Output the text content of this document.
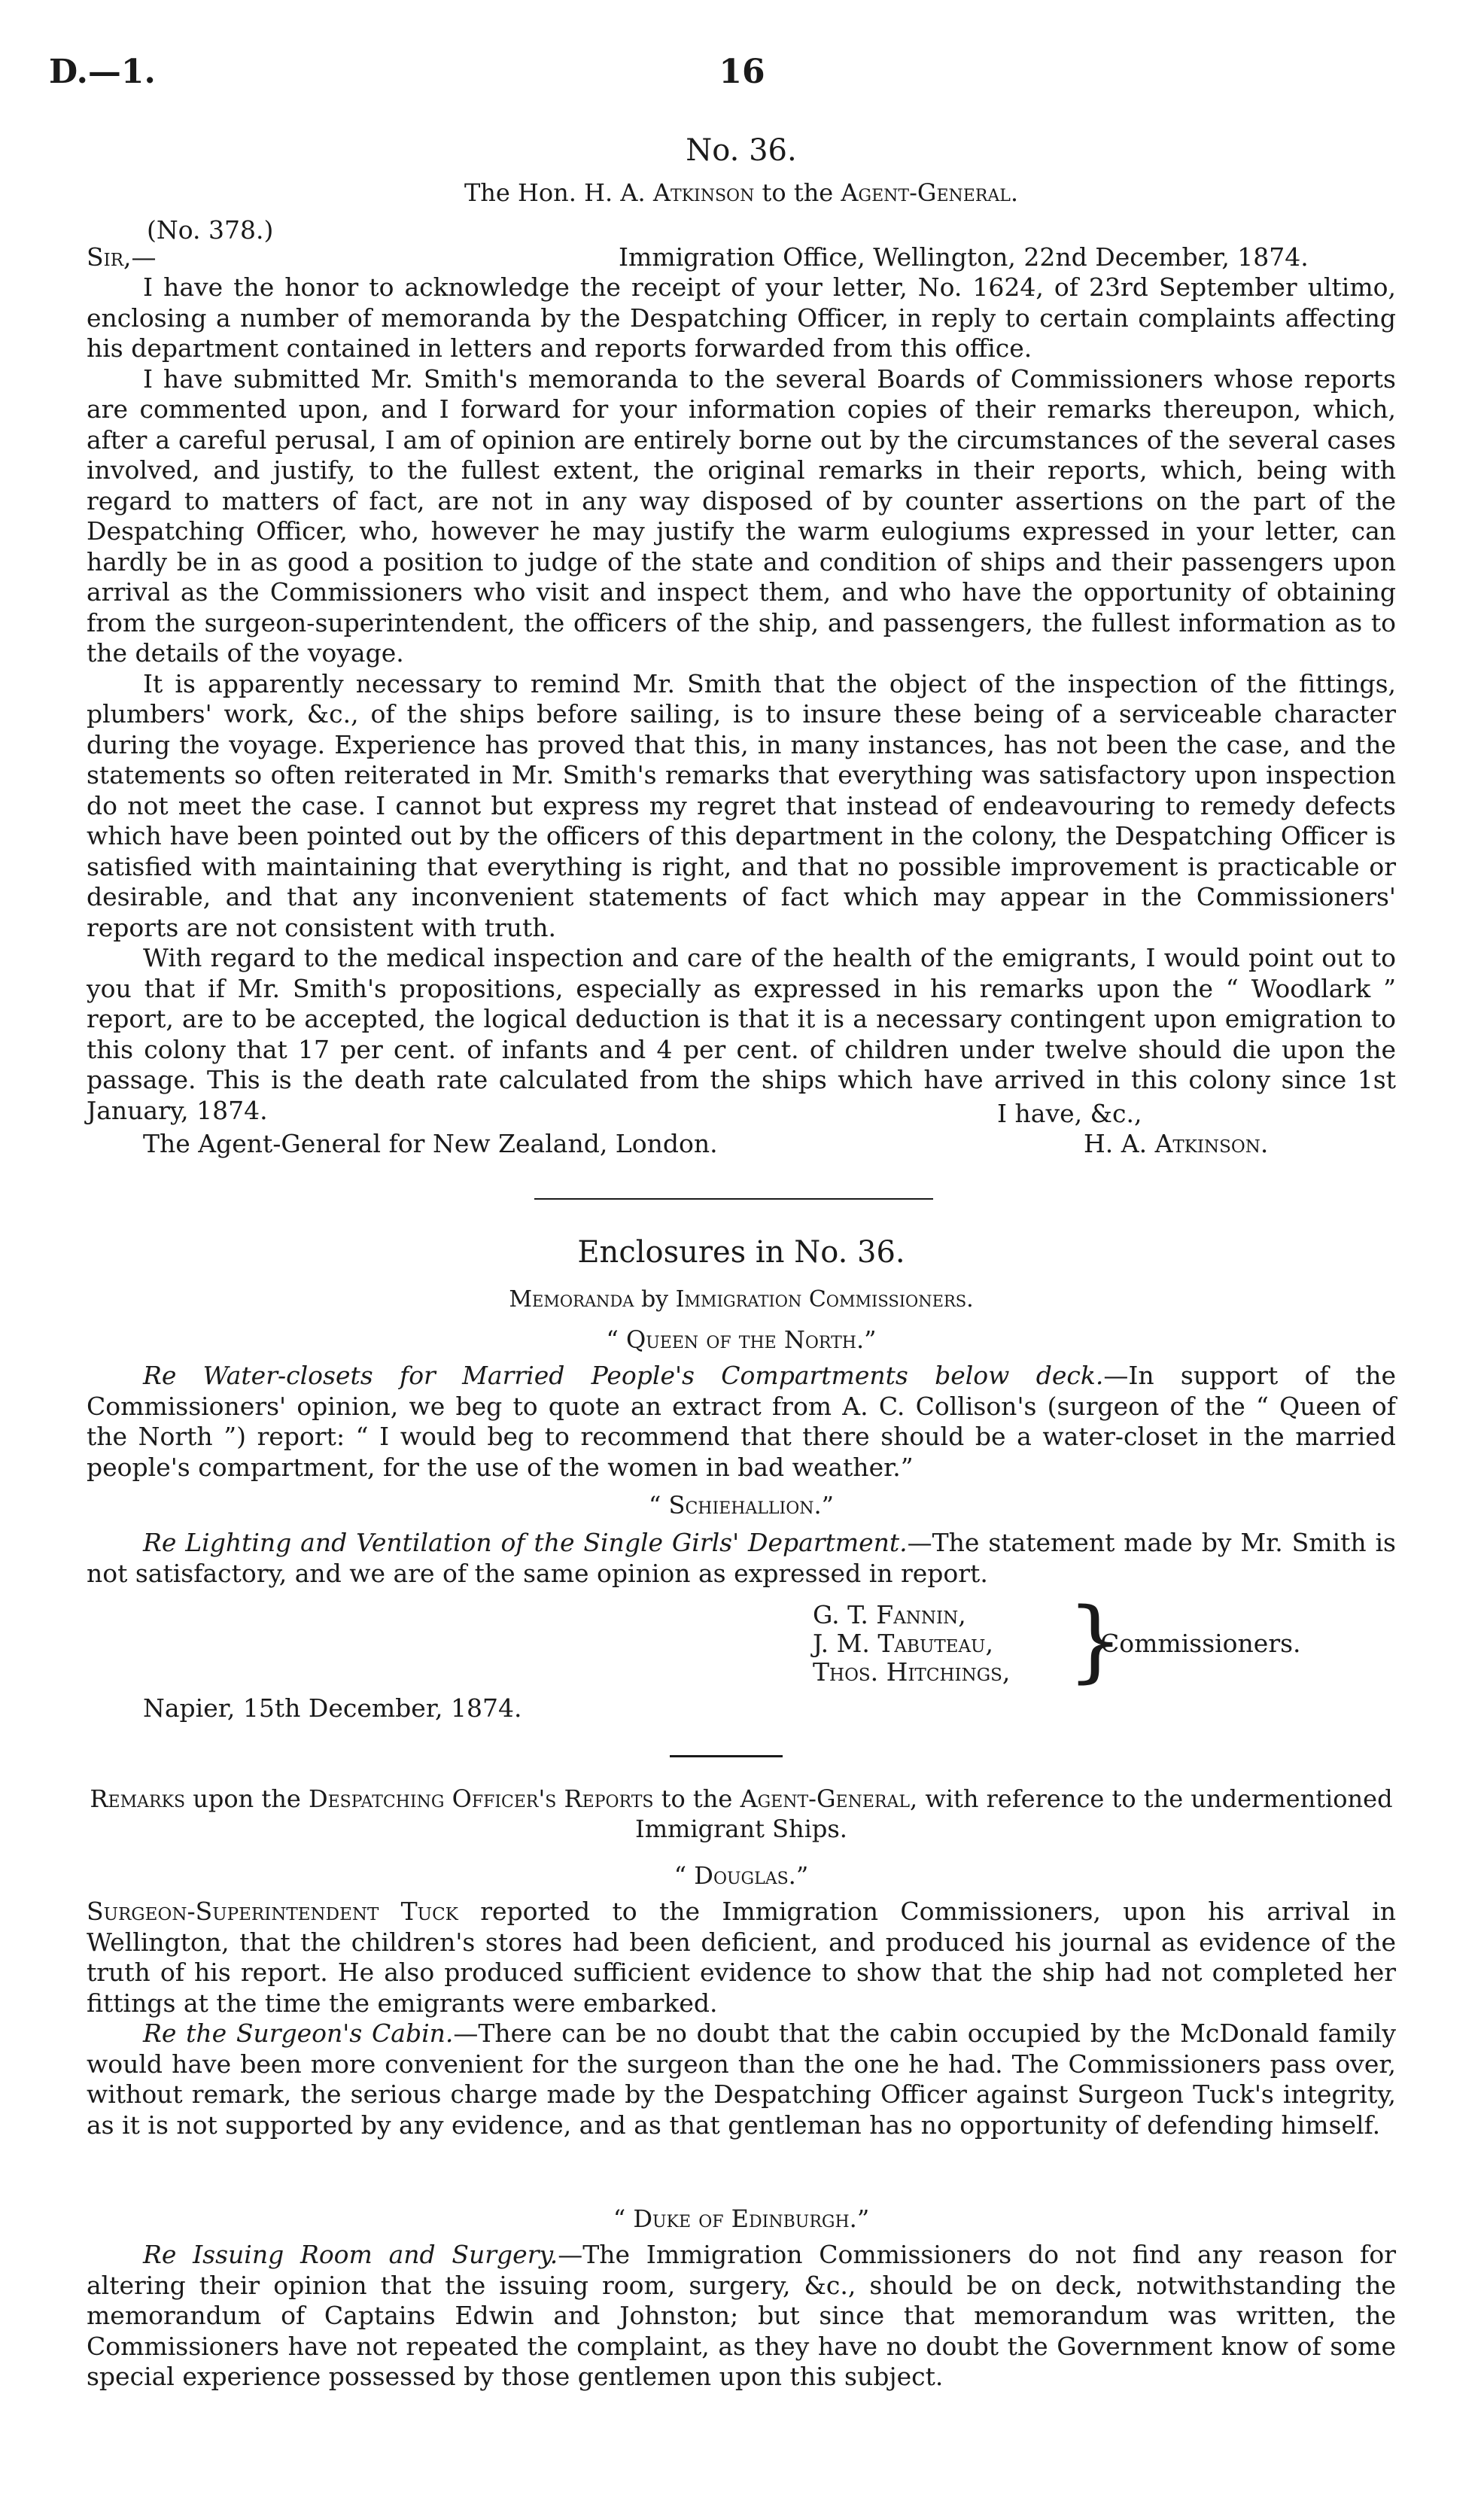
D.—1.	16
No. 36.
The Hon. H. A. Atkinson to the Agent-General.
(No. 378.)
Sir,—	Immigration Office, Wellington, 22nd December, 1874.

I have the honor to acknowledge the receipt of your letter, No. 1624, of 23rd September ultimo, enclosing a number of memoranda by the Despatching Officer, in reply to certain complaints affecting his department contained in letters and reports forwarded from this office.

I have submitted Mr. Smith's memoranda to the several Boards of Commissioners whose reports are commented upon, and I forward for your information copies of their remarks thereupon, which, after a careful perusal, I am of opinion are entirely borne out by the circumstances of the several cases involved, and justify, to the fullest extent, the original remarks in their reports, which, being with regard to matters of fact, are not in any way disposed of by counter assertions on the part of the Despatching Officer, who, however he may justify the warm eulogiums expressed in your letter, can hardly be in as good a position to judge of the state and condition of ships and their passengers upon arrival as the Commissioners who visit and inspect them, and who have the opportunity of obtaining from the surgeon-superintendent, the officers of the ship, and passengers, the fullest information as to the details of the voyage.

It is apparently necessary to remind Mr. Smith that the object of the inspection of the fittings, plumbers' work, &c., of the ships before sailing, is to insure these being of a serviceable character during the voyage. Experience has proved that this, in many instances, has not been the case, and the statements so often reiterated in Mr. Smith's remarks that everything was satisfactory upon inspection do not meet the case. I cannot but express my regret that instead of endeavouring to remedy defects which have been pointed out by the officers of this department in the colony, the Despatching Officer is satisfied with maintaining that everything is right, and that no possible improvement is practicable or desirable, and that any inconvenient statements of fact which may appear in the Commissioners' reports are not consistent with truth.

With regard to the medical inspection and care of the health of the emigrants, I would point out to you that if Mr. Smith's propositions, especially as expressed in his remarks upon the “ Woodlark ” report, are to be accepted, the logical deduction is that it is a necessary contingent upon emigration to this colony that 17 per cent. of infants and 4 per cent. of children under twelve should die upon the passage. This is the death rate calculated from the ships which have arrived in this colony since 1st January, 1874.	I have, &c.,
The Agent-General for New Zealand, London.	H. A. Atkinson.
Enclosures in No. 36.
Memoranda by Immigration Commissioners.
“ Queen of the North.”

Re Water-closets for Married People's Compartments below deck.—In support of the Commissioners' opinion, we beg to quote an extract from A. C. Collison's (surgeon of the “ Queen of the North ”) report: “ I would beg to recommend that there should be a water-closet in the married people's compartment, for the use of the women in bad weather.”

“ Schiehallion.”

Re Lighting and Ventilation of the Single Girls' Department.—The statement made by Mr. Smith is not satisfactory, and we are of the same opinion as expressed in report.

G. T. Fannin,
J. M. Tabuteau,
Thos. Hitchings, }
Commissioners.
Napier, 15th December, 1874.
Remarks upon the Despatching Officer's Reports to the Agent-General, with reference to the undermentioned Immigrant Ships.
“ Douglas.”

Surgeon-Superintendent Tuck reported to the Immigration Commissioners, upon his arrival in Wellington, that the children's stores had been deficient, and produced his journal as evidence of the truth of his report. He also produced sufficient evidence to show that the ship had not completed her fittings at the time the emigrants were embarked.

Re the Surgeon's Cabin.—There can be no doubt that the cabin occupied by the McDonald family would have been more convenient for the surgeon than the one he had. The Commissioners pass over, without remark, the serious charge made by the Despatching Officer against Surgeon Tuck's integrity, as it is not supported by any evidence, and as that gentleman has no opportunity of defending himself.

“ Duke of Edinburgh.”

Re Issuing Room and Surgery.—The Immigration Commissioners do not find any reason for altering their opinion that the issuing room, surgery, &c., should be on deck, notwithstanding the memorandum of Captains Edwin and Johnston; but since that memorandum was written, the Commissioners have not repeated the complaint, as they have no doubt the Government know of some special experience possessed by those gentlemen upon this subject.
